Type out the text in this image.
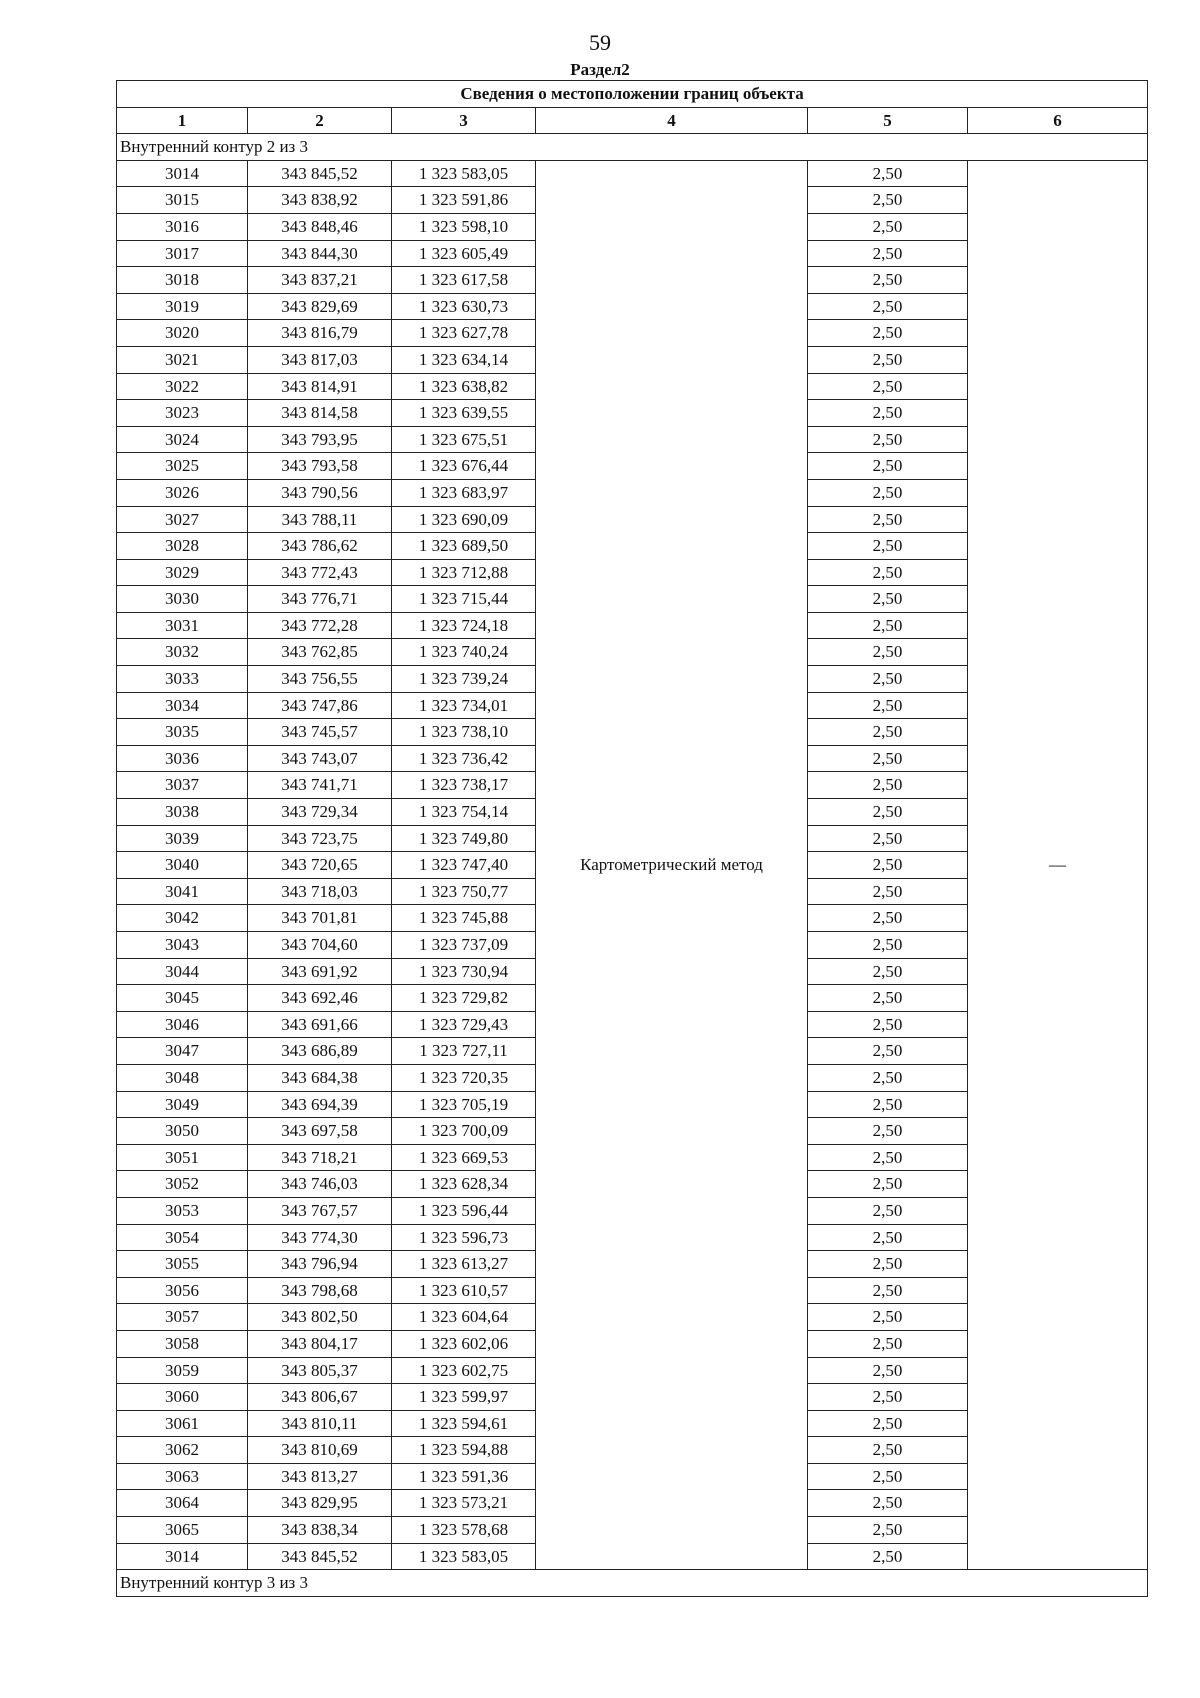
59
Раздел2
Сведения о местоположении границ объекта					
1	2	3	4	5	6
Внутренний контур 2 из 3					
3014	343 845,52	1 323 583,05	Картометрический метод	2,50	—
3015	343 838,92	1 323 591,86		2,50	
3016	343 848,46	1 323 598,10		2,50	
3017	343 844,30	1 323 605,49		2,50	
3018	343 837,21	1 323 617,58		2,50	
3019	343 829,69	1 323 630,73		2,50	
3020	343 816,79	1 323 627,78		2,50	
3021	343 817,03	1 323 634,14		2,50	
3022	343 814,91	1 323 638,82		2,50	
3023	343 814,58	1 323 639,55		2,50	
3024	343 793,95	1 323 675,51		2,50	
3025	343 793,58	1 323 676,44		2,50	
3026	343 790,56	1 323 683,97		2,50	
3027	343 788,11	1 323 690,09		2,50	
3028	343 786,62	1 323 689,50		2,50	
3029	343 772,43	1 323 712,88		2,50	
3030	343 776,71	1 323 715,44		2,50	
3031	343 772,28	1 323 724,18		2,50	
3032	343 762,85	1 323 740,24		2,50	
3033	343 756,55	1 323 739,24		2,50	
3034	343 747,86	1 323 734,01		2,50	
3035	343 745,57	1 323 738,10		2,50	
3036	343 743,07	1 323 736,42		2,50	
3037	343 741,71	1 323 738,17		2,50	
3038	343 729,34	1 323 754,14		2,50	
3039	343 723,75	1 323 749,80		2,50	
3040	343 720,65	1 323 747,40		2,50	
3041	343 718,03	1 323 750,77		2,50	
3042	343 701,81	1 323 745,88		2,50	
3043	343 704,60	1 323 737,09		2,50	
3044	343 691,92	1 323 730,94		2,50	
3045	343 692,46	1 323 729,82		2,50	
3046	343 691,66	1 323 729,43		2,50	
3047	343 686,89	1 323 727,11		2,50	
3048	343 684,38	1 323 720,35		2,50	
3049	343 694,39	1 323 705,19		2,50	
3050	343 697,58	1 323 700,09		2,50	
3051	343 718,21	1 323 669,53		2,50	
3052	343 746,03	1 323 628,34		2,50	
3053	343 767,57	1 323 596,44		2,50	
3054	343 774,30	1 323 596,73		2,50	
3055	343 796,94	1 323 613,27		2,50	
3056	343 798,68	1 323 610,57		2,50	
3057	343 802,50	1 323 604,64		2,50	
3058	343 804,17	1 323 602,06		2,50	
3059	343 805,37	1 323 602,75		2,50	
3060	343 806,67	1 323 599,97		2,50	
3061	343 810,11	1 323 594,61		2,50	
3062	343 810,69	1 323 594,88		2,50	
3063	343 813,27	1 323 591,36		2,50	
3064	343 829,95	1 323 573,21		2,50	
3065	343 838,34	1 323 578,68		2,50	
3014	343 845,52	1 323 583,05		2,50	
Внутренний контур 3 из 3					
